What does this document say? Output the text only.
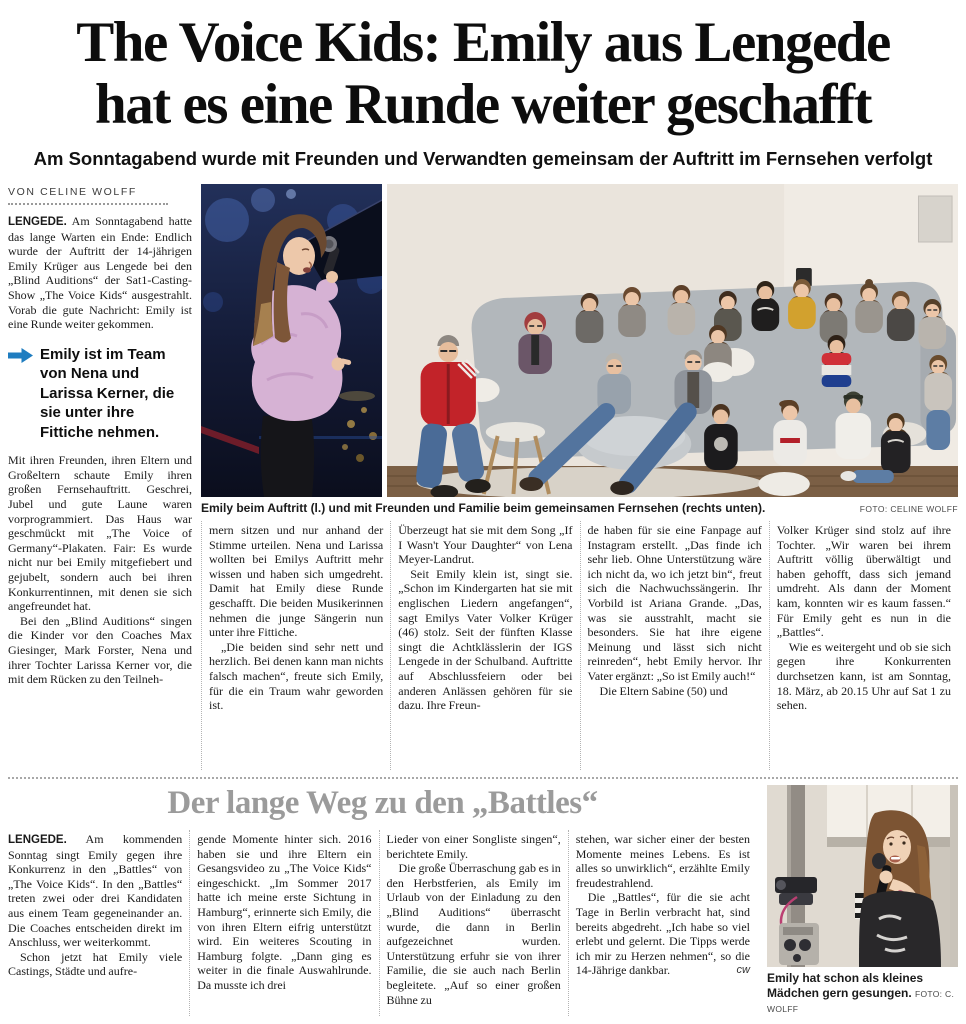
The Voice Kids: Emily aus Lengede
hat es eine Runde weiter geschafft

Am Sonntagabend wurde mit Freunden und Verwandten gemeinsam der Auftritt im Fernsehen verfolgt

VON CELINE WOLFF

LENGEDE. Am Sonntagabend hatte das lange Warten ein Ende: Endlich wurde der Auftritt der 14-jährigen Emily Krüger aus Lengede bei den „Blind Auditions“ der Sat1-Casting-Show „The Voice Kids“ ausgestrahlt. Vorab die gute Nachricht: Emily ist eine Runde weiter gekommen.

Emily ist im Team von Nena und Larissa Kerner, die sie unter ihre Fittiche nehmen.

Mit ihren Freunden, ihren Eltern und Großeltern schaute Emily ihren großen Fernsehauftritt. Geschrei, Jubel und gute Laune waren vorprogrammiert. Das Haus war geschmückt mit „The Voice of Germany“-Plakaten. Fair: Es wurde nicht nur bei Emily mitgefiebert und gejubelt, sondern auch bei ihren Konkurrentinnen, mit denen sie sich angefreundet hat.

Bei den „Blind Auditions“ singen die Kinder vor den Coaches Max Giesinger, Mark Forster, Nena und ihrer Tochter Larissa Kerner vor, die mit dem Rücken zu den Teilneh-

Emily beim Auftritt (l.) und mit Freunden und Familie beim gemeinsamen Fernsehen (rechts unten).	FOTO: CELINE WOLFF

mern sitzen und nur anhand der Stimme urteilen. Nena und Larissa wollten bei Emilys Auftritt mehr wissen und haben sich umgedreht. Damit hat Emily diese Runde geschafft. Die beiden Musikerinnen nehmen die junge Sängerin nun unter ihre Fittiche.

„Die beiden sind sehr nett und herzlich. Bei denen kann man nichts falsch machen“, freute sich Emily, für die ein Traum wahr geworden ist.

Überzeugt hat sie mit dem Song „If I Wasn't Your Daughter“ von Lena Meyer-Landrut.

Seit Emily klein ist, singt sie. „Schon im Kindergarten hat sie mit englischen Liedern angefangen“, sagt Emilys Vater Volker Krüger (46) stolz. Seit der fünften Klasse singt die Achtklässlerin der IGS Lengede in der Schulband. Auftritte auf Abschlussfeiern oder bei anderen Anlässen gehören für sie dazu. Ihre Freun-

de haben für sie eine Fanpage auf Instagram erstellt. „Das finde ich sehr lieb. Ohne Unterstützung wäre ich nicht da, wo ich jetzt bin“, freut sich die Nachwuchssängerin. Ihr Vorbild ist Ariana Grande. „Das, was sie ausstrahlt, macht sie besonders. Sie hat ihre eigene Meinung und lässt sich nicht reinreden“, hebt Emily hervor. Ihr Vater ergänzt: „So ist Emily auch!“

Die Eltern Sabine (50) und

Volker Krüger sind stolz auf ihre Tochter. „Wir waren bei ihrem Auftritt völlig überwältigt und haben gehofft, dass sich jemand umdreht. Als dann der Moment kam, konnten wir es kaum fassen.“ Für Emily geht es nun in die „Battles“.

Wie es weitergeht und ob sie sich gegen ihre Konkurrenten durchsetzen kann, ist am Sonntag, 18. März, ab 20.15 Uhr auf Sat 1 zu sehen.

Der lange Weg zu den „Battles“

LENGEDE. Am kommenden Sonntag singt Emily gegen ihre Konkurrenz in den „Battles“ von „The Voice Kids“. In den „Battles“ treten zwei oder drei Kandidaten aus einem Team gegeneinander an. Die Coaches entscheiden direkt im Anschluss, wer weiterkommt.

Schon jetzt hat Emily viele Castings, Städte und aufre-

gende Momente hinter sich. 2016 haben sie und ihre Eltern ein Gesangsvideo zu „The Voice Kids“ eingeschickt. „Im Sommer 2017 hatte ich meine erste Sichtung in Hamburg“, erinnerte sich Emily, die von ihren Eltern eifrig unterstützt wird. Ein weiteres Scouting in Hamburg folgte. „Dann ging es weiter in die finale Auswahlrunde. Da musste ich drei

Lieder von einer Songliste singen“, berichtete Emily.

Die große Überraschung gab es in den Herbstferien, als Emily im Urlaub von der Einladung zu den „Blind Auditions“ überrascht wurde, die dann in Berlin aufgezeichnet wurden. Unterstützung erfuhr sie von ihrer Familie, die sie auch nach Berlin begleitete. „Auf so einer großen Bühne zu

stehen, war sicher einer der besten Momente meines Lebens. Es ist alles so unwirklich“, erzählte Emily freudestrahlend.

Die „Battles“, für die sie acht Tage in Berlin verbracht hat, sind bereits abgedreht. „Ich habe so viel erlebt und gelernt. Die Tipps werde ich mir zu Herzen nehmen“, so die 14-Jährige dankbar.	cw

Emily hat schon als kleines Mädchen gern gesungen. FOTO: C. WOLFF
